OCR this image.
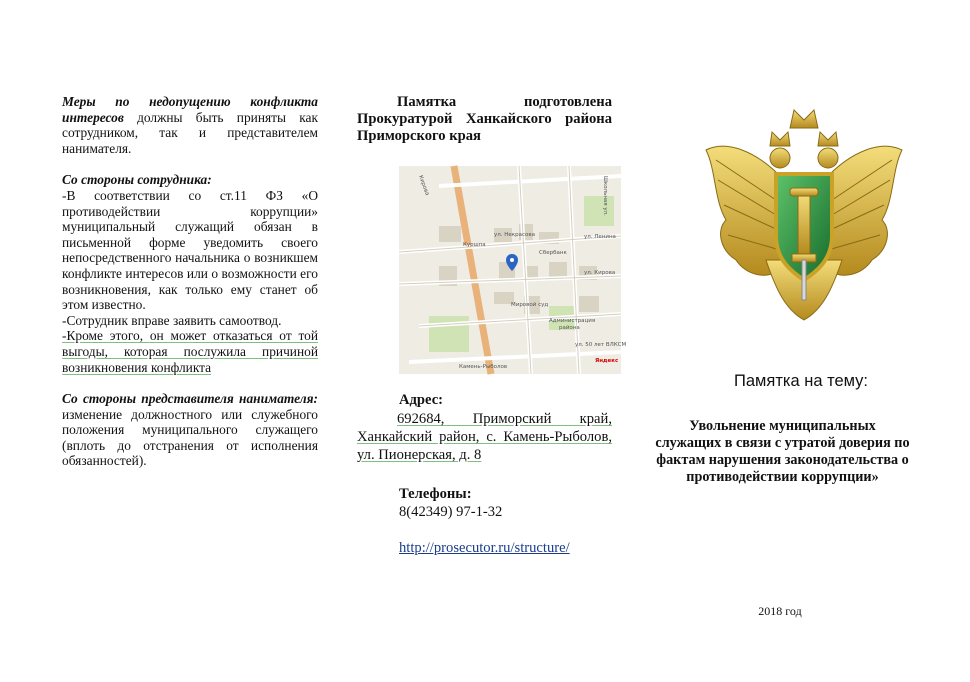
Меры по недопущению конфликта интересов должны быть приняты как сотрудником, так и представителем нанимателя.

Со стороны сотрудника:

-В соответствии со ст.11 ФЗ «О противодействии коррупции» муниципальный служащий обязан в письменной форме уведомить своего непосредственного начальника о возникшем конфликте интересов или о возможности его возникновения, как только ему станет об этом известно.

-Сотрудник вправе заявить самоотвод.

-Кроме этого, он может отказаться от той выгоды, которая послужила причиной возникновения конфликта

Со стороны представителя нанимателя: изменение должностного или служебного положения муниципального служащего (вплоть до отстранения от исполнения обязанностей).

Памятка подготовлена Прокуратурой Ханкайского района Приморского края

ул. Некрасова	ул. Ленина
ул. Кирова
Куршпа
Сбербанк
Мировой суд
Администрация
района
ул. 50 лет ВЛКСМ
Камень-Рыболов
Яндекс
Кирова	Школьная ул.
Адрес:

692684, Приморский край, Ханкайский район, с. Камень-Рыболов, ул. Пионерская, д. 8

Телефоны:
8(42349) 97-1-32
http://prosecutor.ru/structure/
Памятка на тему:

Увольнение муниципальных служащих в связи с утратой доверия по фактам нарушения законодательства о противодействии коррупции»

2018 год
